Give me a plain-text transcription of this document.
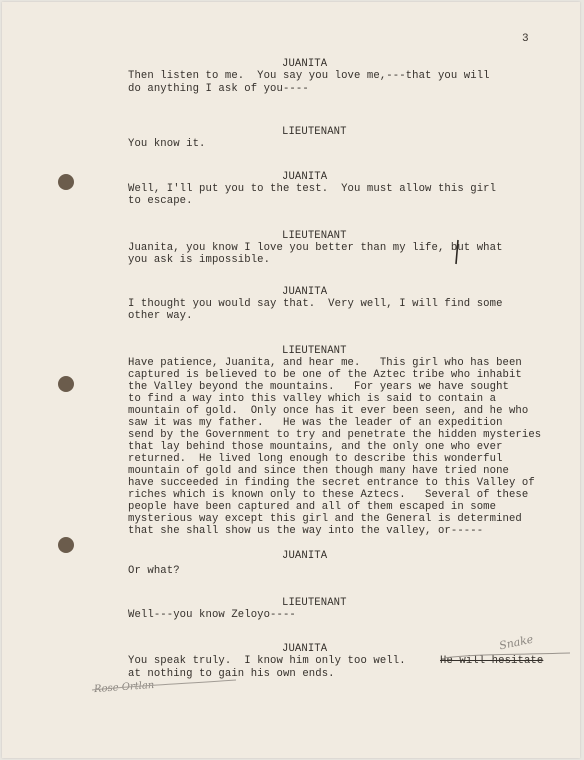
3
JUANITA
Then listen to me.  You say you love me,---that you will
do anything I ask of you----
LIEUTENANT
You know it.
JUANITA
Well, I'll put you to the test.  You must allow this girl
to escape.
LIEUTENANT
Juanita, you know I love you better than my life, but what
you ask is impossible.
JUANITA
I thought you would say that.  Very well, I will find some
other way.
LIEUTENANT
Have patience, Juanita, and hear me.   This girl who has been
captured is believed to be one of the Aztec tribe who inhabit
the Valley beyond the mountains.   For years we have sought
to find a way into this valley which is said to contain a
mountain of gold.  Only once has it ever been seen, and he who
saw it was my father.   He was the leader of an expedition
send by the Government to try and penetrate the hidden mysteries
that lay behind those mountains, and the only one who ever
returned.  He lived long enough to describe this wonderful
mountain of gold and since then though many have tried none
have succeeded in finding the secret entrance to this Valley of
riches which is known only to these Aztecs.   Several of these
people have been captured and all of them escaped in some
mysterious way except this girl and the General is determined
that she shall show us the way into the valley, or-----
JUANITA
Or what?
LIEUTENANT
Well---you know Zeloyo----
JUANITA
You speak truly.  I know him only too well.
at nothing to gain his own ends.
He will hesitate
Snake
Rose Ortlan
